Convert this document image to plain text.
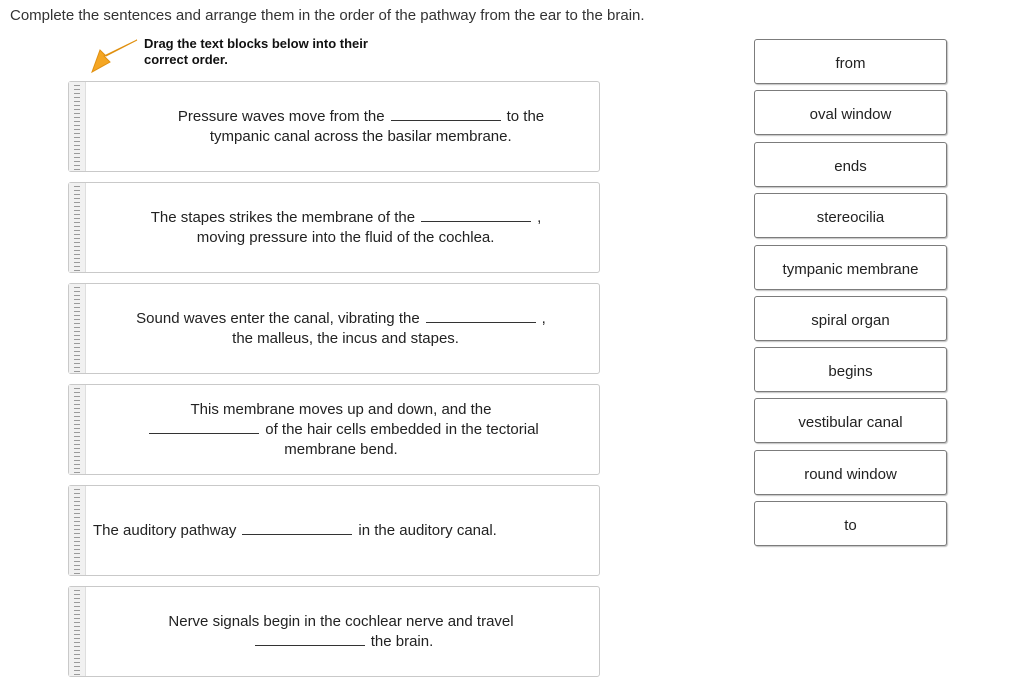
Complete the sentences and arrange them in the order of the pathway from the ear to the brain.
Drag the text blocks below into their
correct order.
Pressure waves move from the	to the
tympanic canal across the basilar membrane.
The stapes strikes the membrane of the	,
moving pressure into the fluid of the cochlea.
Sound waves enter the canal, vibrating the	,
the malleus, the incus and stapes.
This membrane moves up and down, and the
of the hair cells embedded in the tectorial
membrane bend.
The auditory pathway	in the auditory canal.
Nerve signals begin in the cochlear nerve and travel
the brain.
from
oval window
ends
stereocilia
tympanic membrane
spiral organ
begins
vestibular canal
round window
to
